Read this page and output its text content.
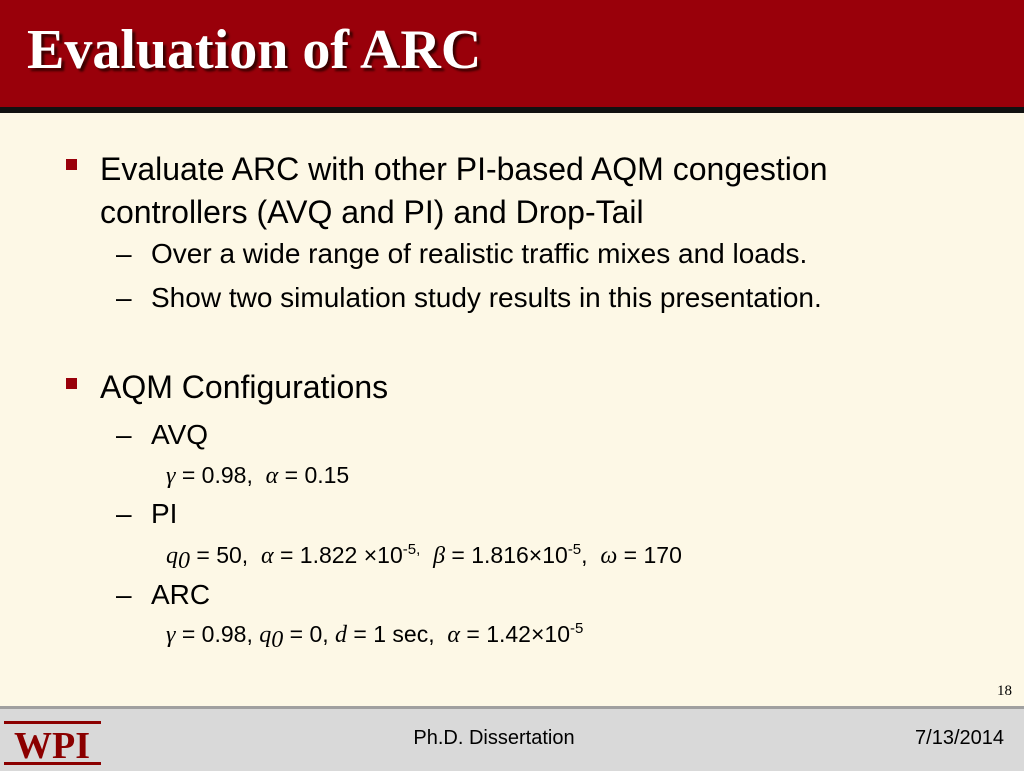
Evaluation of ARC
Evaluate ARC with other PI-based AQM congestion controllers (AVQ and PI) and Drop-Tail
– Over a wide range of realistic traffic mixes and loads.
– Show two simulation study results in this presentation.
AQM Configurations
– AVQ
γ = 0.98, α = 0.15
– PI
$q_0 = 50$, $\alpha = 1.822 \times 10^{-5,}$ $\beta = 1.816\times 10^{-5}$, ω = 170
– ARC
γ = 0.98, $q_0 = 0$, d = 1 sec, $\alpha = 1.42\times 10^{-5}$
18
WPI	Ph.D. Dissertation	7/13/2014
